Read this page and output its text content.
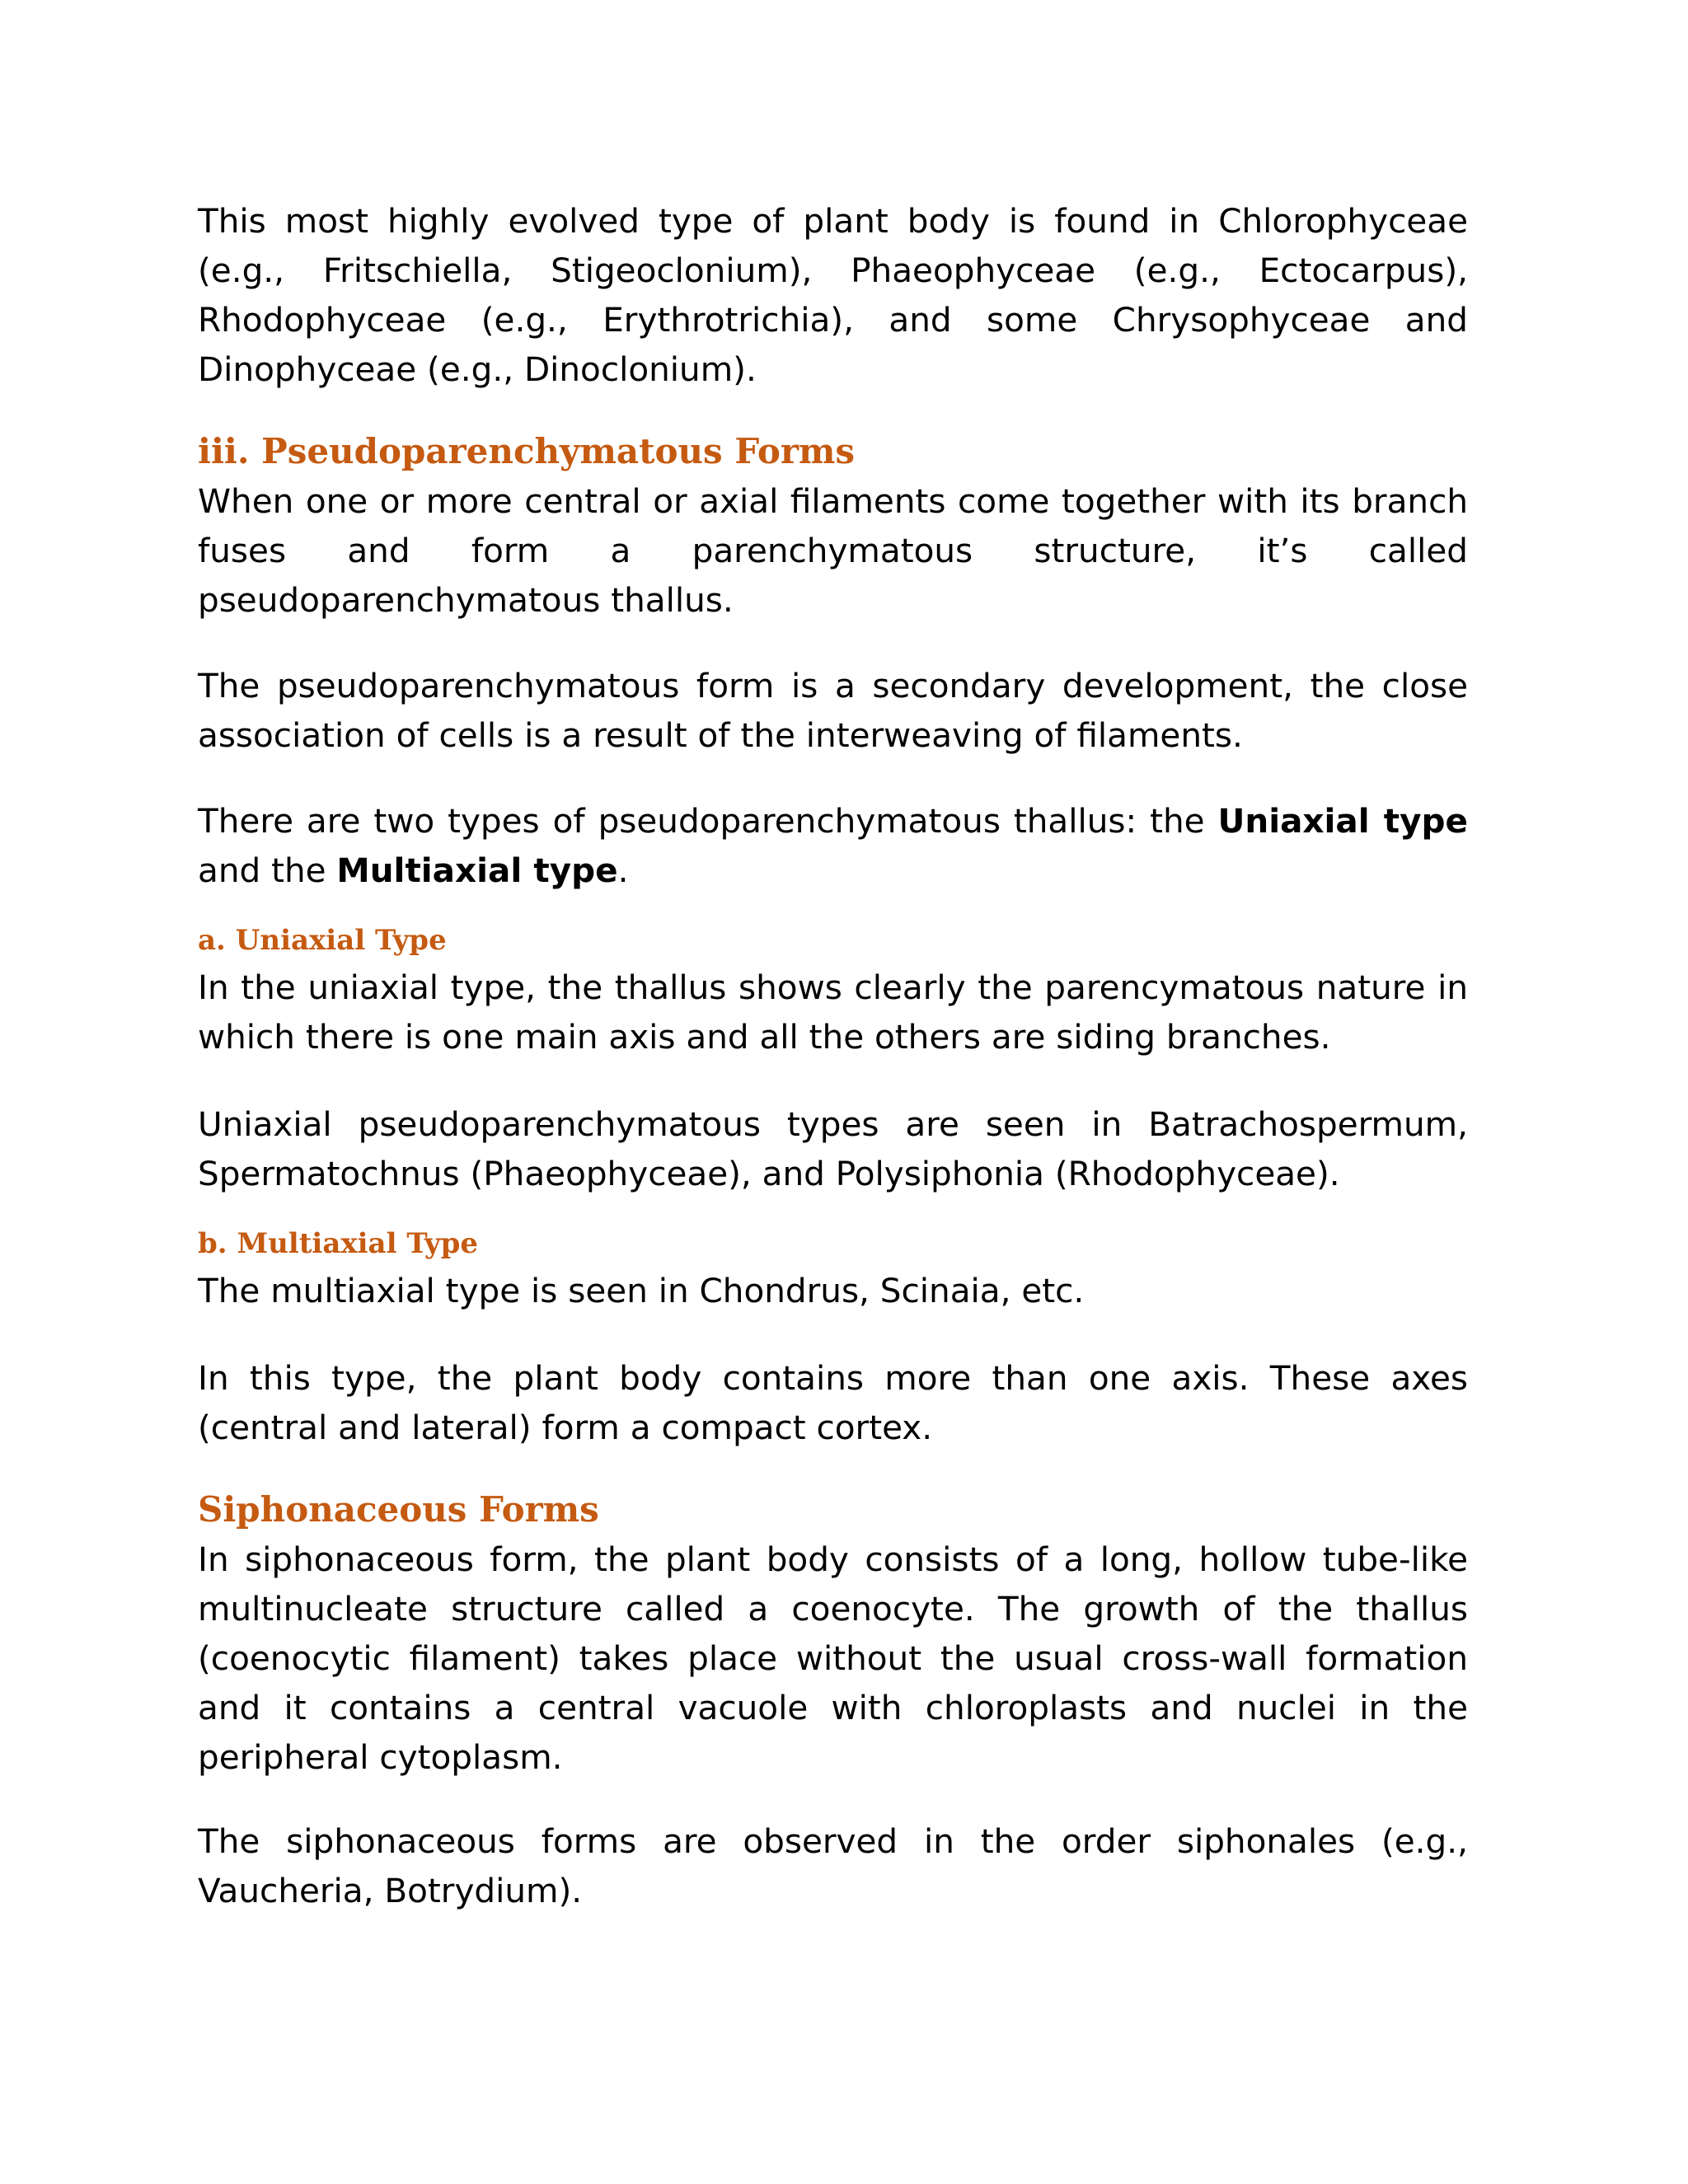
This most highly evolved type of plant body is found in Chlorophyceae (e.g., Fritschiella, Stigeoclonium), Phaeophyceae (e.g., Ectocarpus), Rhodophyceae (e.g., Erythrotrichia), and some Chrysophyceae and Dinophyceae (e.g., Dinoclonium).

iii. Pseudoparenchymatous Forms

When one or more central or axial filaments come together with its branch fuses and form a parenchymatous structure, it’s called pseudoparenchymatous thallus.

The pseudoparenchymatous form is a secondary development, the close association of cells is a result of the interweaving of filaments.

There are two types of pseudoparenchymatous thallus: the Uniaxial type and the Multiaxial type.

a. Uniaxial Type

In the uniaxial type, the thallus shows clearly the parencymatous nature in which there is one main axis and all the others are siding branches.

Uniaxial pseudoparenchymatous types are seen in Batrachospermum, Spermatochnus (Phaeophyceae), and Polysiphonia (Rhodophyceae).

b. Multiaxial Type

The multiaxial type is seen in Chondrus, Scinaia, etc.

In this type, the plant body contains more than one axis. These axes (central and lateral) form a compact cortex.

Siphonaceous Forms

In siphonaceous form, the plant body consists of a long, hollow tube-like multinucleate structure called a coenocyte. The growth of the thallus (coenocytic filament) takes place without the usual cross-wall formation and it contains a central vacuole with chloroplasts and nuclei in the peripheral cytoplasm.

The siphonaceous forms are observed in the order siphonales (e.g., Vaucheria, Botrydium).
